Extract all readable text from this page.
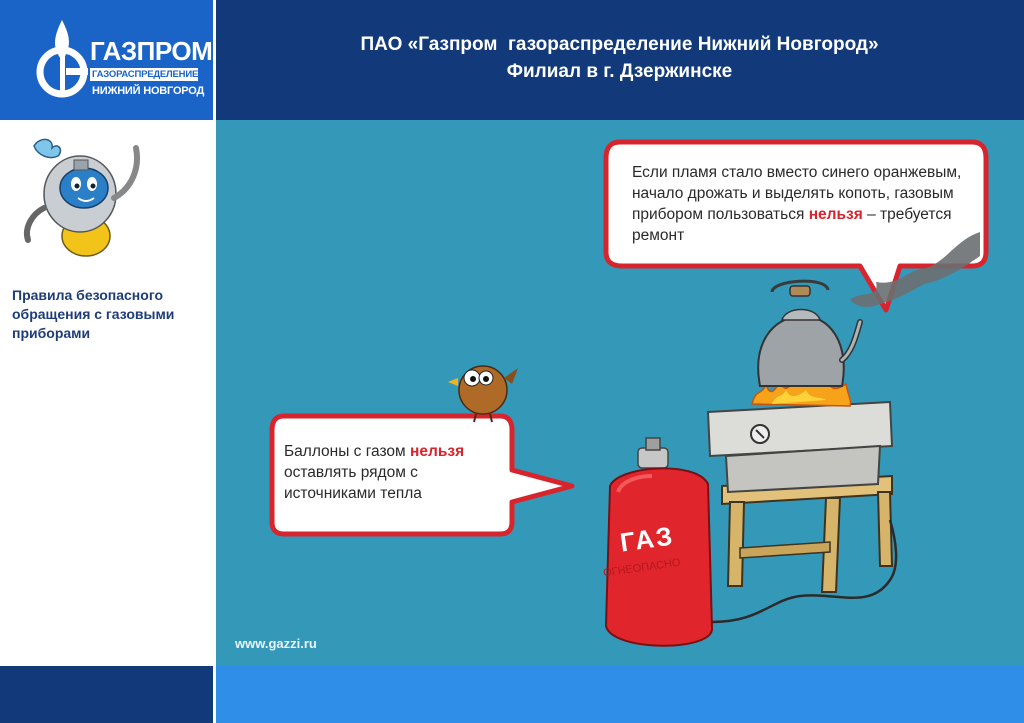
ГАЗПРОМ
ГАЗОРАСПРЕДЕЛЕНИЕ
НИЖНИЙ НОВГОРОД
Правила безопасного обращения с газовыми приборами
ПАО «Газпром  газораспределение Нижний Новгород»
Филиал в г. Дзержинске
ГАЗ
ОГНЕОПАСНО
Если пламя стало вместо синего оранжевым, начало дрожать и выделять копоть, газовым прибором пользоваться нельзя – требуется ремонт
Баллоны с газом нельзя оставлять рядом с источниками тепла
www.gazzi.ru
